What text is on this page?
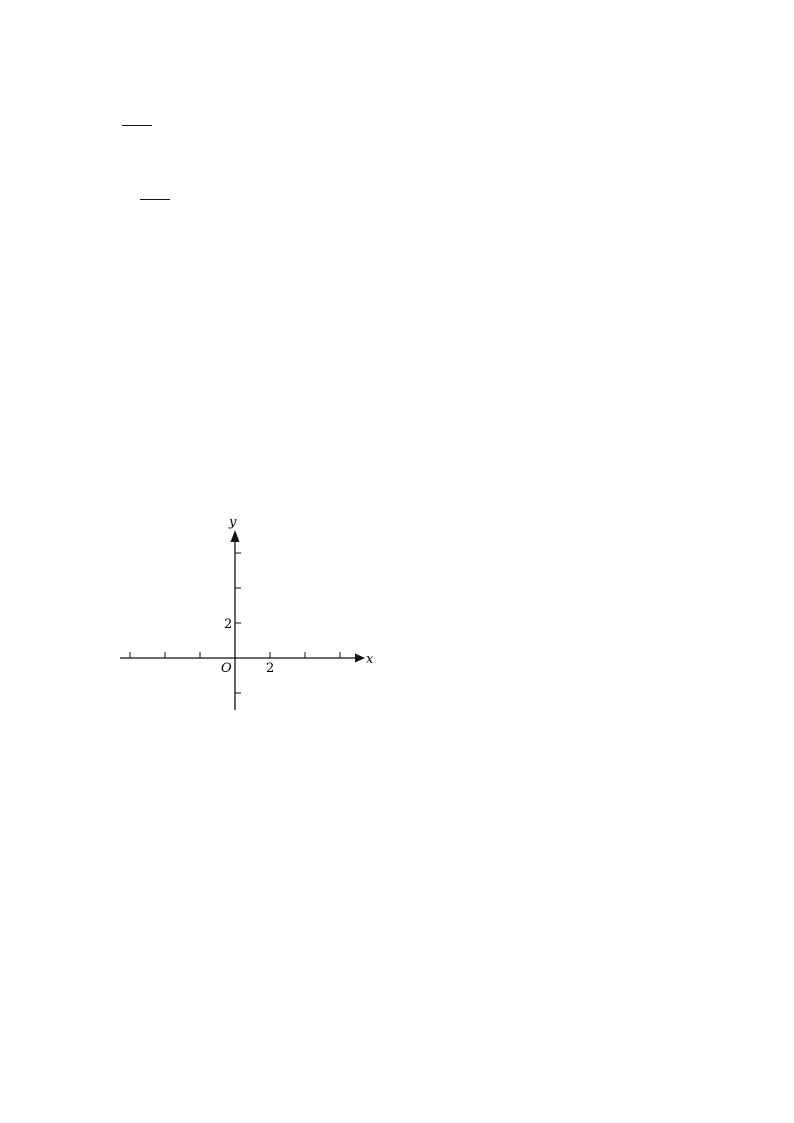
y
x
O
2
2
